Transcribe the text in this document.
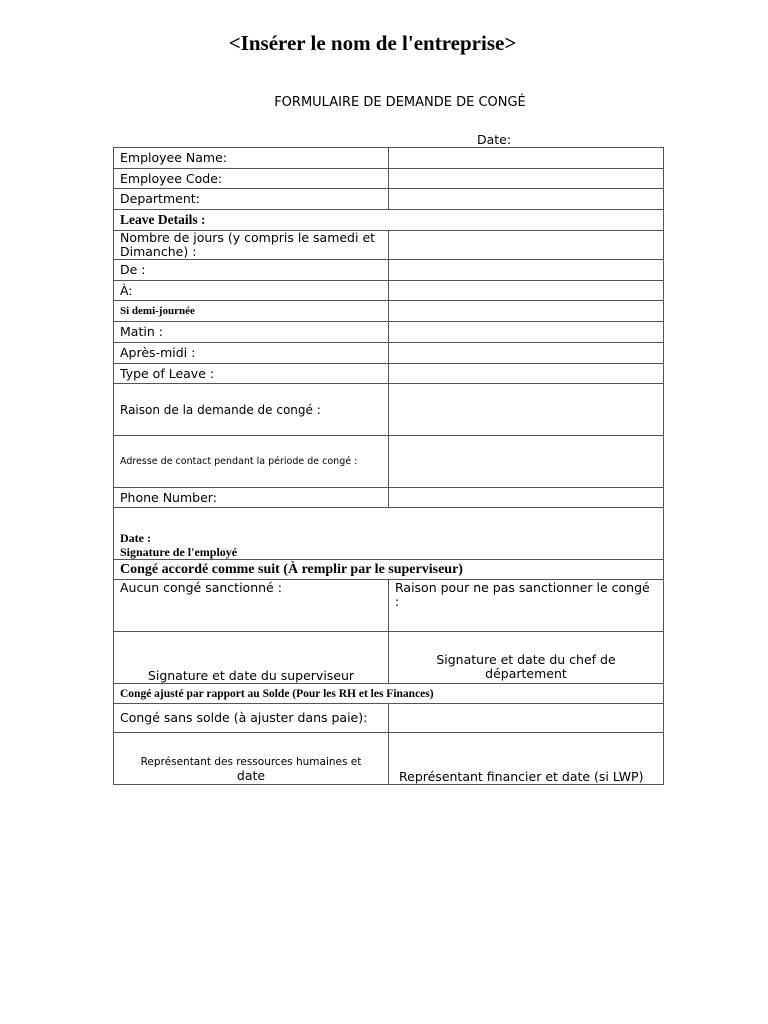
<Insérer le nom de l'entreprise>
FORMULAIRE DE DEMANDE DE CONGÉ
Date:
Employee Name:	
Employee Code:	
Department:	
Leave Details :	
Nombre de jours (y compris le samedi et Dimanche) :	
De :	
À:	
Si demi-journée	
Matin :	
Après-midi :	
Type of Leave :	
Raison de la demande de congé :	
Adresse de contact pendant la période de congé :	
Phone Number:	

Date :
Signature de l'employé	

Congé accordé comme suit (À remplir par le superviseur)	
Aucun congé sanctionné :	Raison pour ne pas sanctionner le congé :
Signature et date du superviseur	Signature et date du chef de département
Congé ajusté par rapport au Solde (Pour les RH et les Finances)	
Congé sans solde (à ajuster dans paie):	

Représentant des ressources humaines et
date	Représentant financier et date (si LWP)
